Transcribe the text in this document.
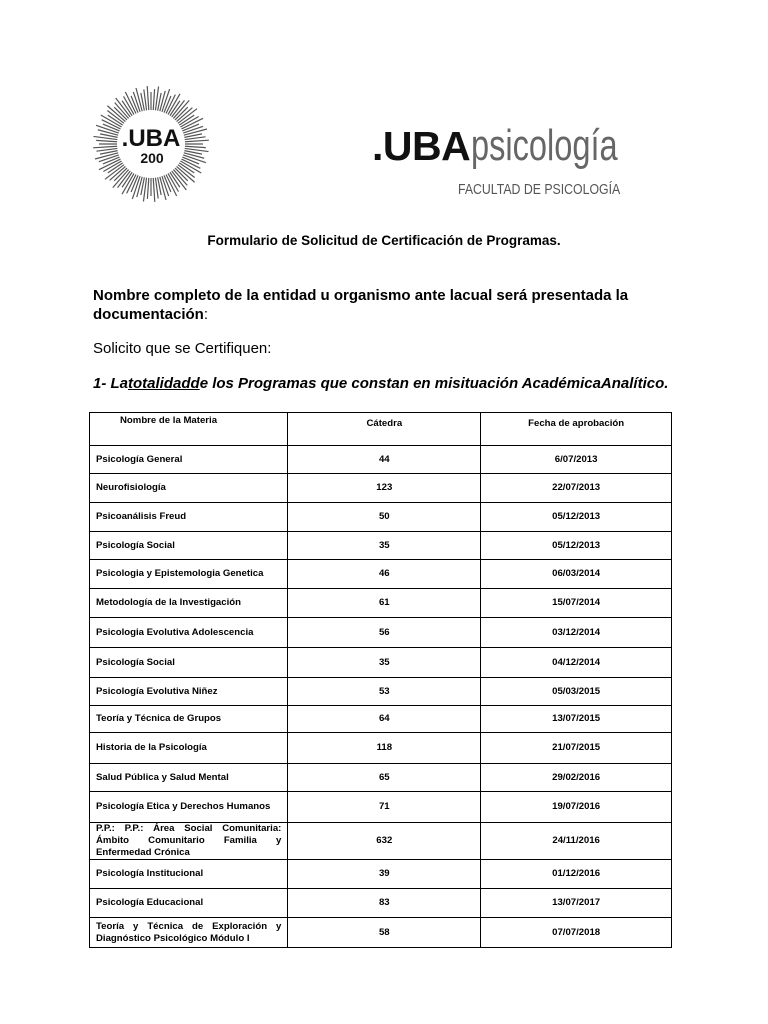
.UBA
200	.UBApsicología
FACULTAD DE PSICOLOGÍA
Formulario de Solicitud de Certificación de Programas.
Nombre completo de la entidad u organismo ante lacual será presentada la documentación:
Solicito que se Certifiquen:
1- Latotalidadde los Programas que constan en misituación AcadémicaAnalítico.
Nombre de la Materia	Cátedra	Fecha de aprobación
Psicología General	44	6/07/2013
Neurofisiología	123	22/07/2013
Psicoanálisis Freud	50	05/12/2013
Psicología Social	35	05/12/2013
Psicologia y Epistemologia Genetica	46	06/03/2014
Metodología de la Investigación	61	15/07/2014
Psicologia Evolutiva Adolescencia	56	03/12/2014
Psicología Social	35	04/12/2014
Psicología Evolutiva Niñez	53	05/03/2015
Teoría y Técnica de Grupos	64	13/07/2015
Historia de la Psicología	118	21/07/2015
Salud Pública y Salud Mental	65	29/02/2016
Psicología Etica y Derechos Humanos	71	19/07/2016
P.P.: P.P.: Área Social Comunitaria: Ámbito Comunitario Familia y Enfermedad Crónica	632	24/11/2016
Psicología Institucional	39	01/12/2016
Psicología Educacional	83	13/07/2017
Teoría y Técnica de Exploración y Diagnóstico Psicológico Módulo I	58	07/07/2018
